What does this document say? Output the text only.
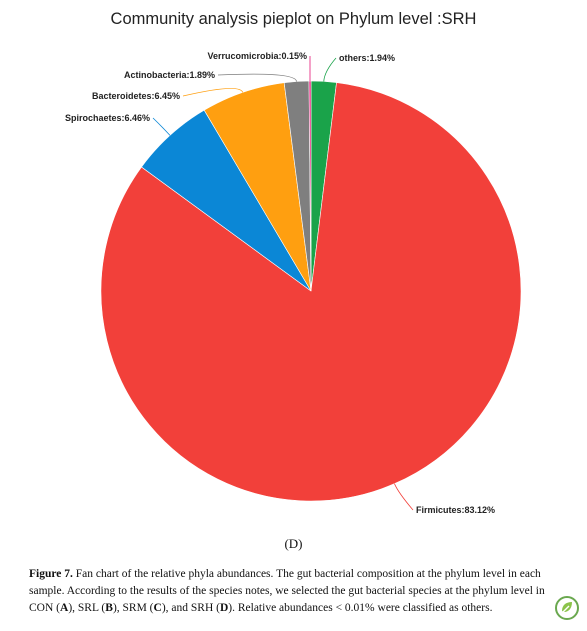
Community analysis pieplot on Phylum level :SRH
others:1.94%
Firmicutes:83.12%
Spirochaetes:6.46%
Bacteroidetes:6.45%
Actinobacteria:1.89%
Verrucomicrobia:0.15%
(D)
Figure 7. Fan chart of the relative phyla abundances. The gut bacterial composition at the phylum level in each sample. According to the results of the species notes, we selected the gut bacterial species at the phylum level in CON (A), SRL (B), SRM (C), and SRH (D). Relative abundances < 0.01% were classified as others.
